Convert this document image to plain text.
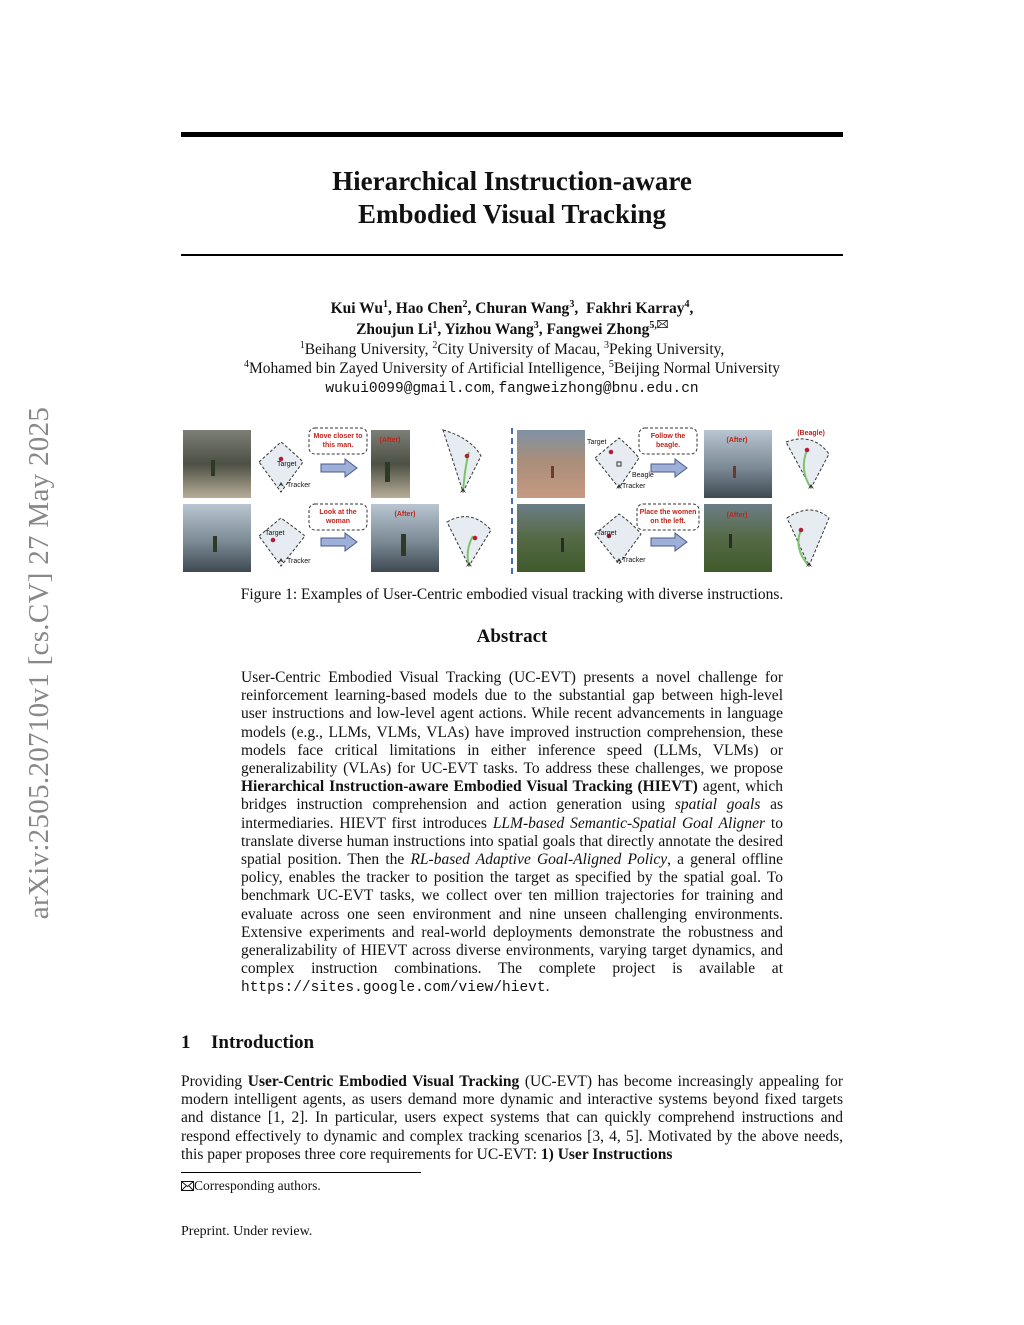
arXiv:2505.20710v1 [cs.CV] 27 May 2025
Hierarchical Instruction-aware
Embodied Visual Tracking
Kui Wu$^1$, Hao Chen$^2$, Churan Wang$^3$,  Fakhri Karray$^4$,
Zhoujun Li$^1$, Yizhou Wang$^3$, Fangwei Zhong$^{5,}$
$^1$Beihang University, $^2$City University of Macau, $^3$Peking University,
$^4$Mohamed bin Zayed University of Artificial Intelligence, $^5$Beijing Normal University
wukui0099@gmail.com, fangweizhong@bnu.edu.cn
Target
Tracker
Move closer to
this man.
(After)	Target
Beagle
Tracker
Follow the
beagle.
(After)
(Beagle)
Target
Tracker
Look at the
woman
(After)
Target
Tracker
Place the women
on the left.
(After)
Figure 1: Examples of User-Centric embodied visual tracking with diverse instructions.
Abstract
User-Centric Embodied Visual Tracking (UC-EVT) presents a novel challenge for reinforcement learning-based models due to the substantial gap between high-level user instructions and low-level agent actions. While recent advancements in language models (e.g., LLMs, VLMs, VLAs) have improved instruction comprehension, these models face critical limitations in either inference speed (LLMs, VLMs) or generalizability (VLAs) for UC-EVT tasks. To address these challenges, we propose Hierarchical Instruction-aware Embodied Visual Tracking (HIEVT) agent, which bridges instruction comprehension and action generation using spatial goals as intermediaries. HIEVT first introduces LLM-based Semantic-Spatial Goal Aligner to translate diverse human instructions into spatial goals that directly annotate the desired spatial position. Then the RL-based Adaptive Goal-Aligned Policy, a general offline policy, enables the tracker to position the target as specified by the spatial goal. To benchmark UC-EVT tasks, we collect over ten million trajectories for training and evaluate across one seen environment and nine unseen challenging environments. Extensive experiments and real-world deployments demonstrate the robustness and generalizability of HIEVT across diverse environments, varying target dynamics, and complex instruction combinations. The complete project is available at https://sites.google.com/view/hievt.
1 Introduction
Providing User-Centric Embodied Visual Tracking (UC-EVT) has become increasingly appealing for modern intelligent agents, as users demand more dynamic and interactive systems beyond fixed targets and distance [1, 2]. In particular, users expect systems that can quickly comprehend instructions and respond effectively to dynamic and complex tracking scenarios [3, 4, 5]. Motivated by the above needs, this paper proposes three core requirements for UC-EVT: 1) User Instructions
Corresponding authors.
Preprint. Under review.
